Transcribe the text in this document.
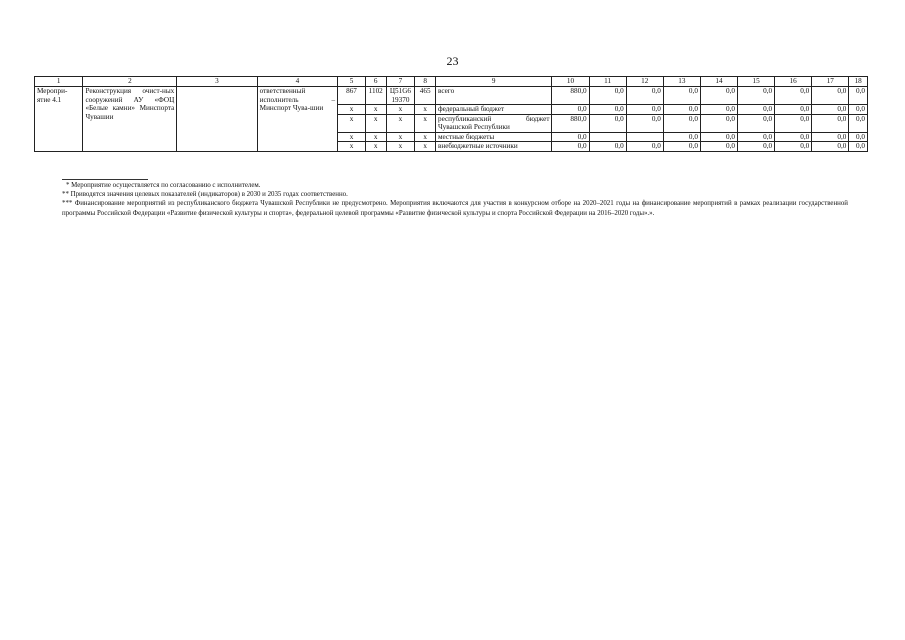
23
1	2	3	4	5	6	7	8	9	10	11	12	13	14	15	16	17	18
Меропри-ятие 4.1	Реконструкция очист-ных сооружений АУ «ФОЦ «Белые камни» Минспорта Чувашии		ответственный исполнитель – Минспорт Чува-шии	867	1102	Ц51G6 19370	465	всего	880,0	0,0	0,0	0,0	0,0	0,0	0,0	0,0	0,0
				x	x	x	x	федеральный бюджет	0,0	0,0	0,0	0,0	0,0	0,0	0,0	0,0	0,0
				x	x	x	x	республиканский бюджет Чувашской Республики	880,0	0,0	0,0	0,0	0,0	0,0	0,0	0,0	0,0
				x	x	x	x	местные бюджеты	0,0			0,0	0,0	0,0	0,0	0,0	0,0
				x	x	x	x	внебюджетные источники	0,0	0,0	0,0	0,0	0,0	0,0	0,0	0,0	0,0

* Мероприятие осуществляется по согласованию с исполнителем.

** Приводятся значения целевых показателей (индикаторов) в 2030 и 2035 годах соответственно.

*** Финансирование мероприятий из республиканского бюджета Чувашской Республики не предусмотрено. Мероприятия включаются для участия в конкурсном отборе на 2020–2021 годы на финансирование мероприятий в рамках реализации государственной программы Российской Федерации «Развитие физической культуры и спорта», федеральной целевой программы «Развитие физической культуры и спорта Российской Федерации на 2016–2020 годы».».
